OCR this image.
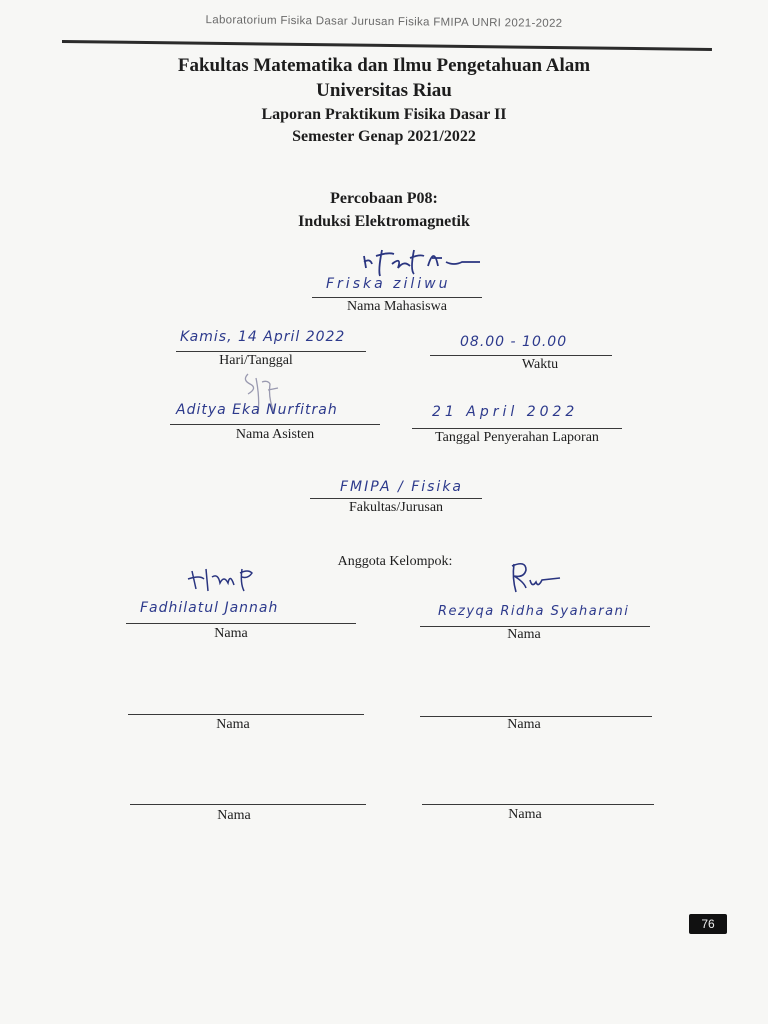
Laboratorium Fisika Dasar Jurusan Fisika FMIPA UNRI 2021-2022
Fakultas Matematika dan Ilmu Pengetahuan Alam
Universitas Riau
Laporan Praktikum Fisika Dasar II
Semester Genap 2021/2022
Percobaan P08:
Induksi Elektromagnetik
Friska ziliwu
Nama Mahasiswa
Kamis, 14 April 2022
Hari/Tanggal
08.00 - 10.00
Waktu
Aditya Eka Nurfitrah
Nama Asisten
21 April 2022
Tanggal Penyerahan Laporan
FMIPA / Fisika
Fakultas/Jurusan
Anggota Kelompok:
Fadhilatul Jannah
Nama
Rezyqa Ridha Syaharani
Nama
Nama	Nama
Nama	Nama
76
